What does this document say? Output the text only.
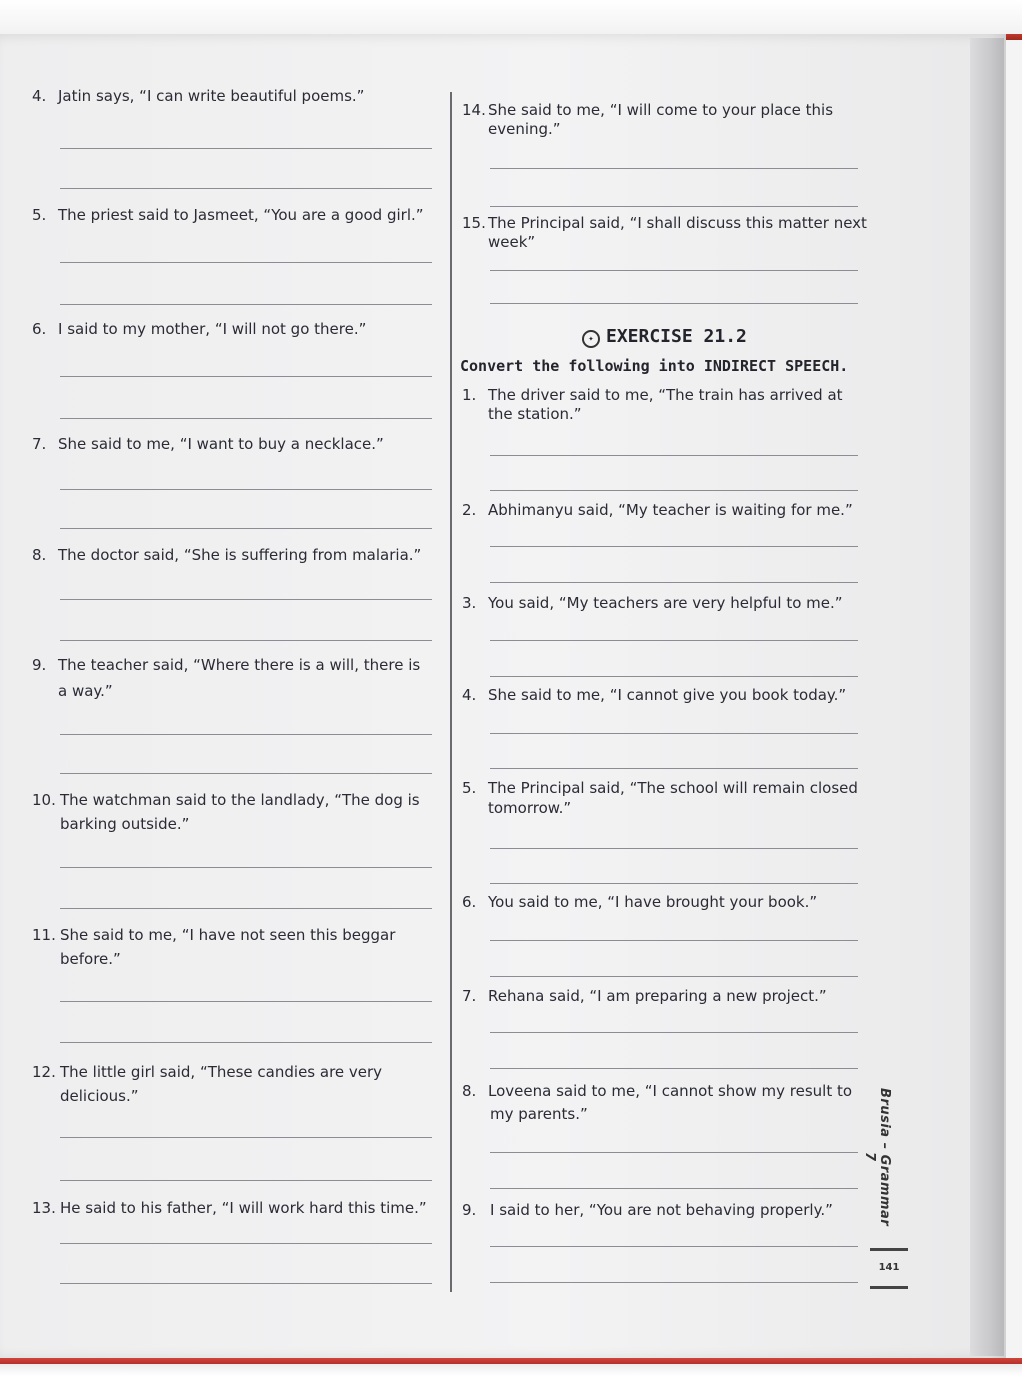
4. Jatin says, “I can write beautiful poems.”
5. The priest said to Jasmeet, “You are a good girl.”
6. I said to my mother, “I will not go there.”
7. She said to me, “I want to buy a necklace.”
8. The doctor said, “She is suffering from malaria.”
9. The teacher said, “Where there is a will, there is
a way.”
10. The watchman said to the landlady, “The dog is
barking outside.”
11. She said to me, “I have not seen this beggar
before.”
12. The little girl said, “These candies are very
delicious.”
13. He said to his father, “I will work hard this time.”
14. She said to me, “I will come to your place this
evening.”
15. The Principal said, “I shall discuss this matter next
week”
✦ EXERCISE 21.2
Convert the following into INDIRECT SPEECH.
1. The driver said to me, “The train has arrived at
the station.”
2. Abhimanyu said, “My teacher is waiting for me.”
3. You said, “My teachers are very helpful to me.”
4. She said to me, “I cannot give you book today.”
5. The Principal said, “The school will remain closed
tomorrow.”
6. You said to me, “I have brought your book.”
7. Rehana said, “I am preparing a new project.”
8. Loveena said to me, “I cannot show my result to
my parents.”
9. I said to her, “You are not behaving properly.”	Brusia – Grammar 7
141
